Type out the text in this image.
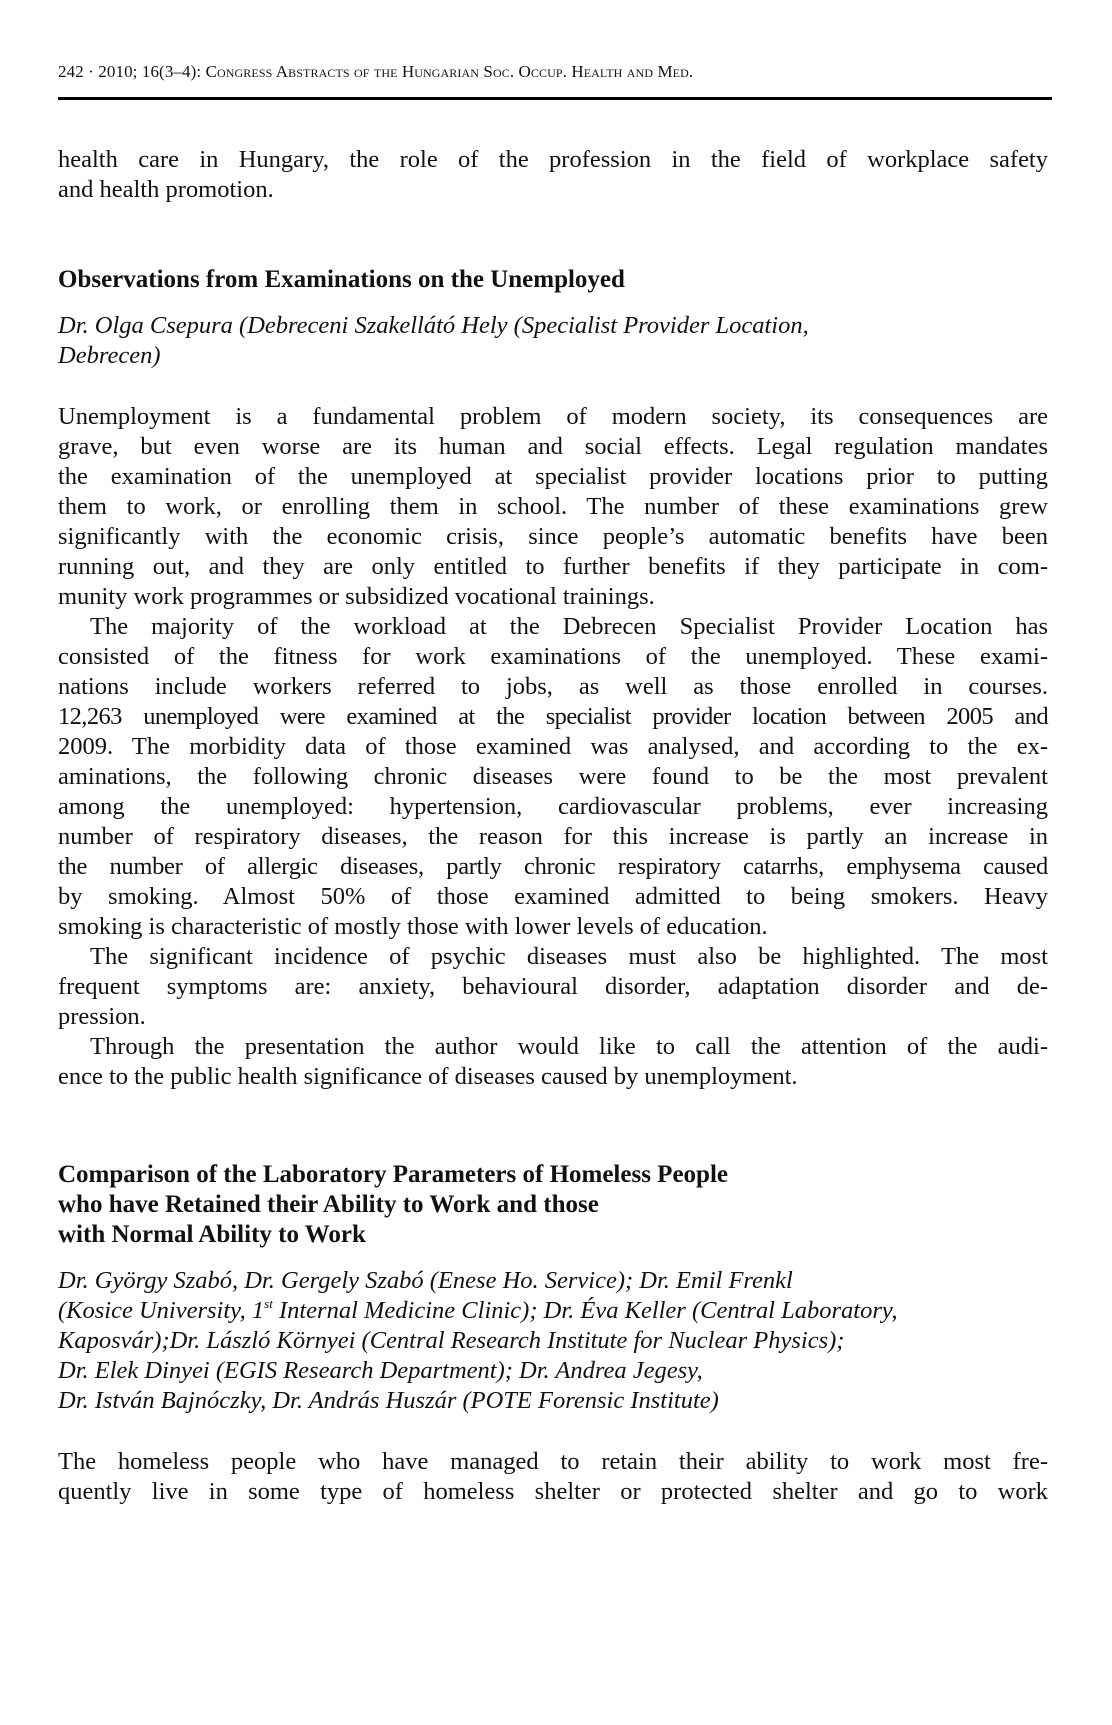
242 · 2010; 16(3–4): Congress Abstracts of the Hungarian Soc. Occup. Health and Med.
health care in Hungary, the role of the profession in the field of workplace safety
and health promotion.
Observations from Examinations on the Unemployed
Dr. Olga Csepura (Debreceni Szakellátó Hely (Specialist Provider Location,
Debrecen)
Unemployment is a fundamental problem of modern society, its consequences are
grave, but even worse are its human and social effects. Legal regulation mandates
the examination of the unemployed at specialist provider locations prior to putting
them to work, or enrolling them in school. The number of these examinations grew
significantly with the economic crisis, since people’s automatic benefits have been
running out, and they are only entitled to further benefits if they participate in com-
munity work programmes or subsidized vocational trainings.
The majority of the workload at the Debrecen Specialist Provider Location has
consisted of the fitness for work examinations of the unemployed. These exami-
nations include workers referred to jobs, as well as those enrolled in courses.
12,263 unemployed were examined at the specialist provider location between 2005 and
2009. The morbidity data of those examined was analysed, and according to the ex-
aminations, the following chronic diseases were found to be the most prevalent
among the unemployed: hypertension, cardiovascular problems, ever increasing
number of respiratory diseases, the reason for this increase is partly an increase in
the number of allergic diseases, partly chronic respiratory catarrhs, emphysema caused
by smoking. Almost 50% of those examined admitted to being smokers. Heavy
smoking is characteristic of mostly those with lower levels of education.
The significant incidence of psychic diseases must also be highlighted. The most
frequent symptoms are: anxiety, behavioural disorder, adaptation disorder and de-
pression.
Through the presentation the author would like to call the attention of the audi-
ence to the public health significance of diseases caused by unemployment.
Comparison of the Laboratory Parameters of Homeless People
who have Retained their Ability to Work and those
with Normal Ability to Work
Dr. György Szabó, Dr. Gergely Szabó (Enese Ho. Service); Dr. Emil Frenkl
(Kosice University, 1st Internal Medicine Clinic); Dr. Éva Keller (Central Laboratory,
Kaposvár);Dr. László Környei (Central Research Institute for Nuclear Physics);
Dr. Elek Dinyei (EGIS Research Department); Dr. Andrea Jegesy,
Dr. István Bajnóczky, Dr. András Huszár (POTE Forensic Institute)
The homeless people who have managed to retain their ability to work most fre-
quently live in some type of homeless shelter or protected shelter and go to work
